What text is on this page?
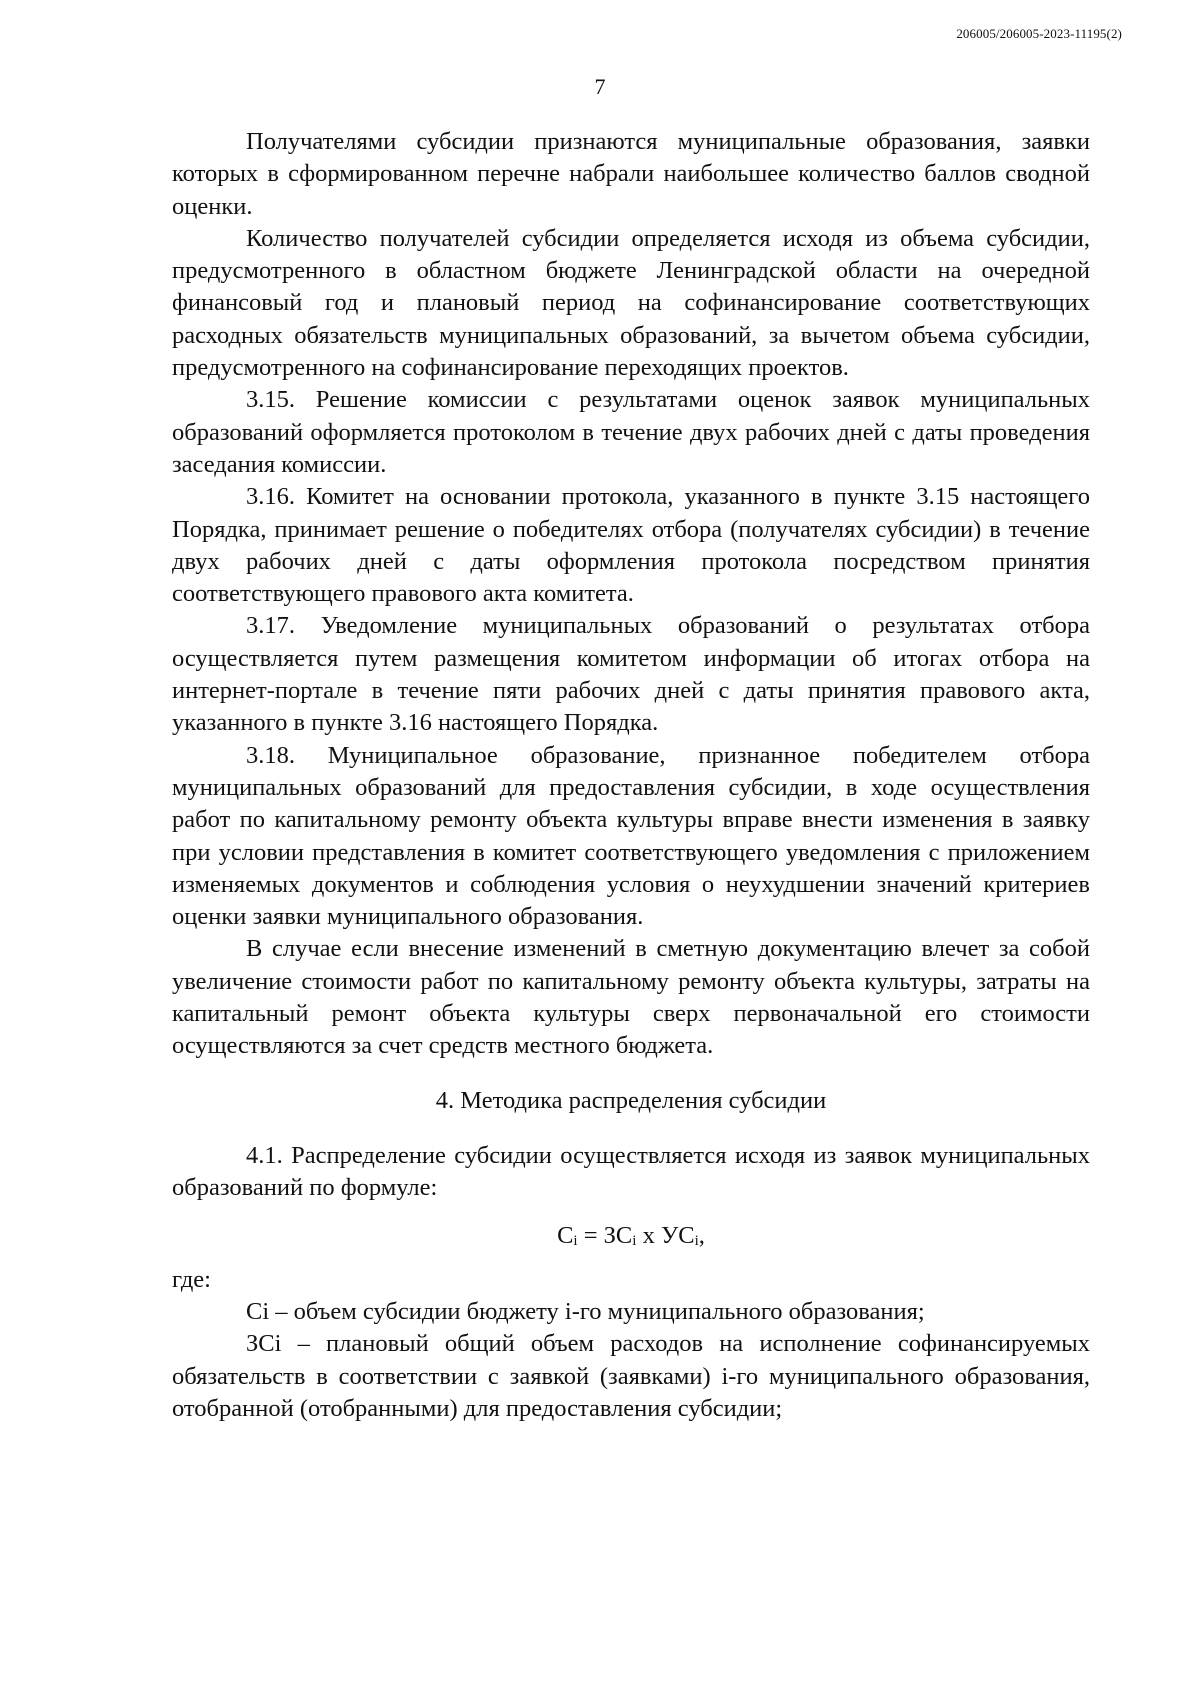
206005/206005-2023-11195(2)
7

Получателями субсидии признаются муниципальные образования, заявки которых в сформированном перечне набрали наибольшее количество баллов сводной оценки.

Количество получателей субсидии определяется исходя из объема субсидии, предусмотренного в областном бюджете Ленинградской области на очередной финансовый год и плановый период на софинансирование соответствующих расходных обязательств муниципальных образований, за вычетом объема субсидии, предусмотренного на софинансирование переходящих проектов.

3.15. Решение комиссии с результатами оценок заявок муниципальных образований оформляется протоколом в течение двух рабочих дней с даты проведения заседания комиссии.

3.16. Комитет на основании протокола, указанного в пункте 3.15 настоящего Порядка, принимает решение о победителях отбора (получателях субсидии) в течение двух рабочих дней с даты оформления протокола посредством принятия соответствующего правового акта комитета.

3.17. Уведомление муниципальных образований о результатах отбора осуществляется путем размещения комитетом информации об итогах отбора на интернет-портале в течение пяти рабочих дней с даты принятия правового акта, указанного в пункте 3.16 настоящего Порядка.

3.18. Муниципальное образование, признанное победителем отбора муниципальных образований для предоставления субсидии, в ходе осуществления работ по капитальному ремонту объекта культуры вправе внести изменения в заявку при условии представления в комитет соответствующего уведомления с приложением изменяемых документов и соблюдения условия о неухудшении значений критериев оценки заявки муниципального образования.

В случае если внесение изменений в сметную документацию влечет за собой увеличение стоимости работ по капитальному ремонту объекта культуры, затраты на капитальный ремонт объекта культуры сверх первоначальной его стоимости осуществляются за счет средств местного бюджета.

4. Методика распределения субсидии

4.1. Распределение субсидии осуществляется исходя из заявок муниципальных образований по формуле:

$C_i = ЗC_i$ х $УC_i$,

где:

Ci – объем субсидии бюджету i-го муниципального образования;

ЗCi – плановый общий объем расходов на исполнение софинансируемых обязательств в соответствии с заявкой (заявками) i-го муниципального образования, отобранной (отобранными) для предоставления субсидии;
